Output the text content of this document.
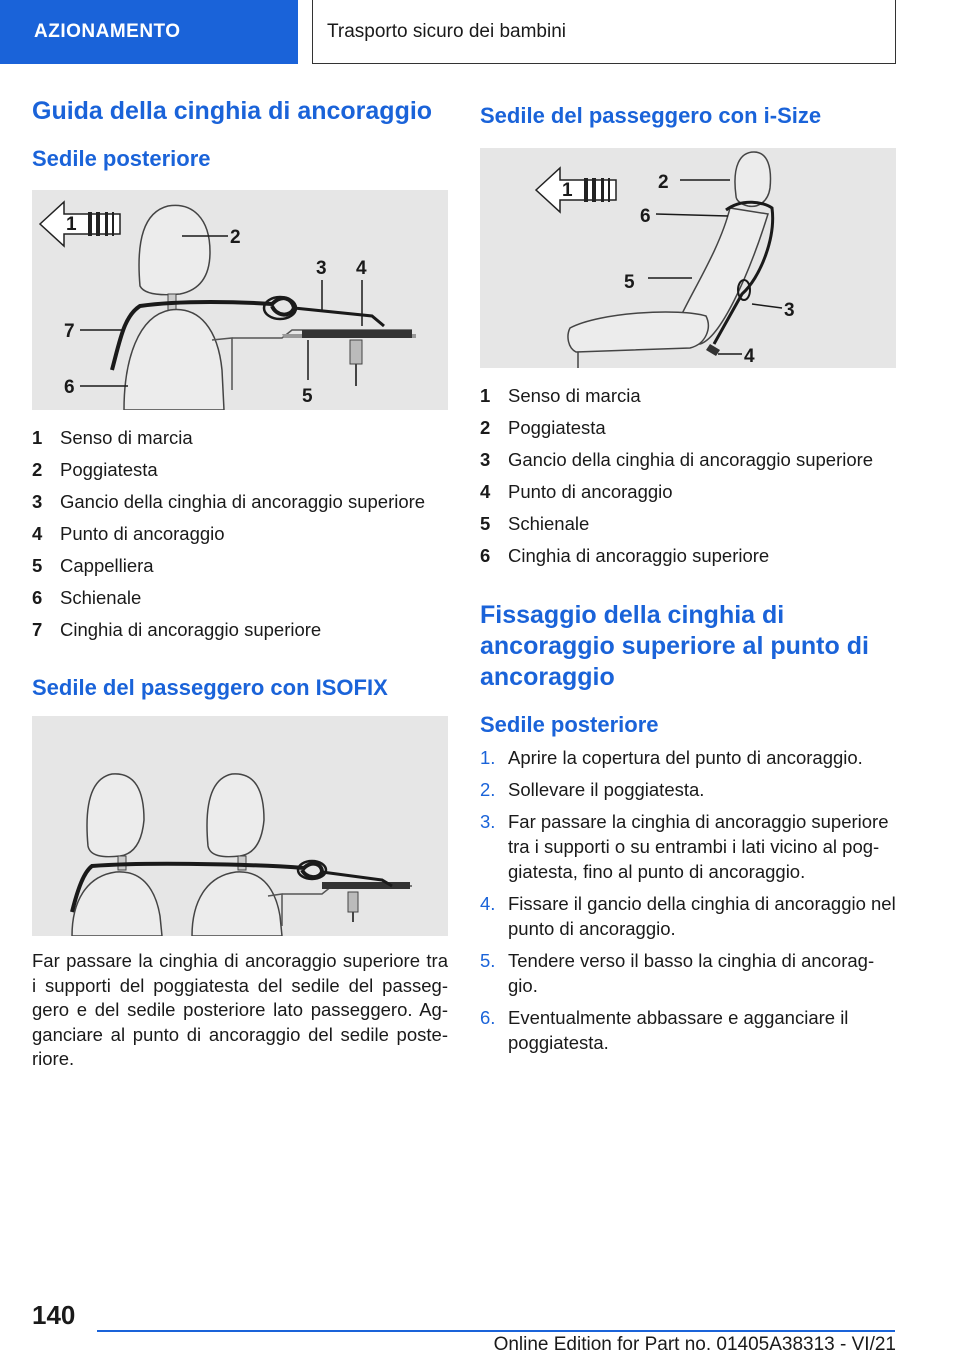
AZIONAMENTO	Trasporto sicuro dei bambini
Guida della cinghia di ancoraggio
Sedile posteriore
1
2
3 4
5
6
7
1 Senso di marcia
2 Poggiatesta
3 Gancio della cinghia di ancoraggio superiore
4 Punto di ancoraggio
5 Cappelliera
6 Schienale
7 Cinghia di ancoraggio superiore
Sedile del passeggero con ISOFIX
Far passare la cinghia di ancoraggio superiore tra i supporti del poggiatesta del sedile del passeggero e del sedile posteriore lato passeggero. Agganciare al punto di ancoraggio del sedile posteriore.
Sedile del passeggero con i-Size
1	2
6
5
3
4
1 Senso di marcia
2 Poggiatesta
3 Gancio della cinghia di ancoraggio superiore
4 Punto di ancoraggio
5 Schienale
6 Cinghia di ancoraggio superiore
Fissaggio della cinghia di ancoraggio superiore al punto di ancoraggio
Sedile posteriore
1. Aprire la copertura del punto di ancoraggio.
2. Sollevare il poggiatesta.
3. Far passare la cinghia di ancoraggio superiore tra i supporti o su entrambi i lati vicino al poggiatesta, fino al punto di ancoraggio.
4. Fissare il gancio della cinghia di ancoraggio nel punto di ancoraggio.
5. Tendere verso il basso la cinghia di ancoraggio.
6. Eventualmente abbassare e agganciare il poggiatesta.
140
Online Edition for Part no. 01405A38313 - VI/21
